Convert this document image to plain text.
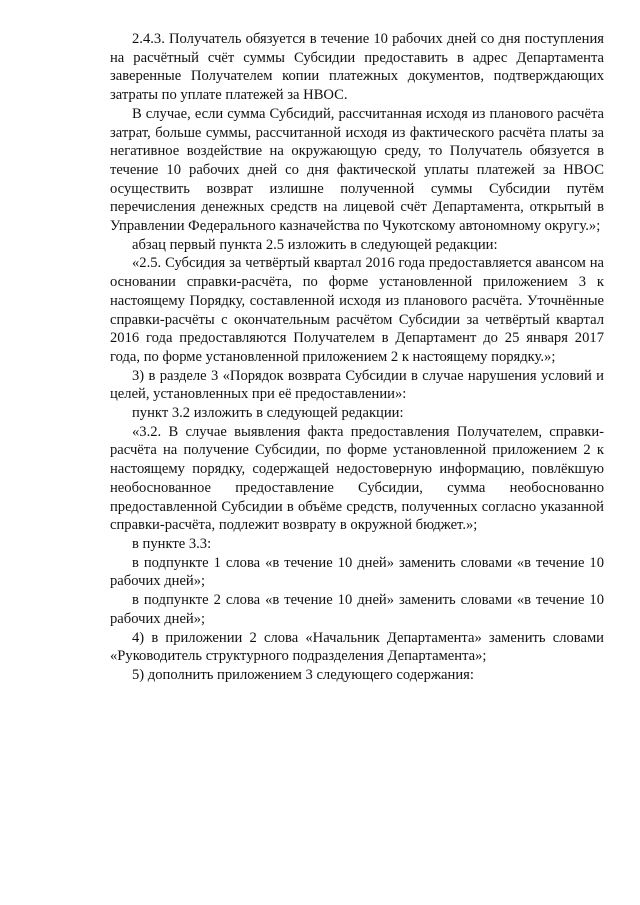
2.4.3. Получатель обязуется в течение 10 рабочих дней со дня поступления на расчётный счёт суммы Субсидии предоставить в адрес Департамента заверенные Получателем копии платежных документов, подтверждающих затраты по уплате платежей за НВОС.

В случае, если сумма Субсидий, рассчитанная исходя из планового расчёта затрат, больше суммы, рассчитанной исходя из фактического расчёта платы за негативное воздействие на окружающую среду, то Получатель обязуется в течение 10 рабочих дней со дня фактической уплаты платежей за НВОС осуществить возврат излишне полученной суммы Субсидии путём перечисления денежных средств на лицевой счёт Департамента, открытый в Управлении Федерального казначейства по Чукотскому автономному округу.»;

абзац первый пункта 2.5 изложить в следующей редакции:

«2.5. Субсидия за четвёртый квартал 2016 года предоставляется авансом на основании справки-расчёта, по форме установленной приложением 3 к настоящему Порядку, составленной исходя из планового расчёта. Уточнённые справки-расчёты с окончательным расчётом Субсидии за четвёртый квартал 2016 года предоставляются Получателем в Департамент до 25 января 2017 года, по форме установленной приложением 2 к настоящему порядку.»;

3) в разделе 3 «Порядок возврата Субсидии в случае нарушения условий и целей, установленных при её предоставлении»:

пункт 3.2 изложить в следующей редакции:

«3.2. В случае выявления факта предоставления Получателем, справки-расчёта на получение Субсидии, по форме установленной приложением 2 к настоящему порядку, содержащей недостоверную информацию, повлёкшую необоснованное предоставление Субсидии, сумма необоснованно предоставленной Субсидии в объёме средств, полученных согласно указанной справки-расчёта, подлежит возврату в окружной бюджет.»;

в пункте 3.3:

в подпункте 1 слова «в течение 10 дней» заменить словами «в течение 10 рабочих дней»;

в подпункте 2 слова «в течение 10 дней» заменить словами «в течение 10 рабочих дней»;

4) в приложении 2 слова «Начальник Департамента» заменить словами «Руководитель структурного подразделения Департамента»;

5) дополнить приложением 3 следующего содержания:
